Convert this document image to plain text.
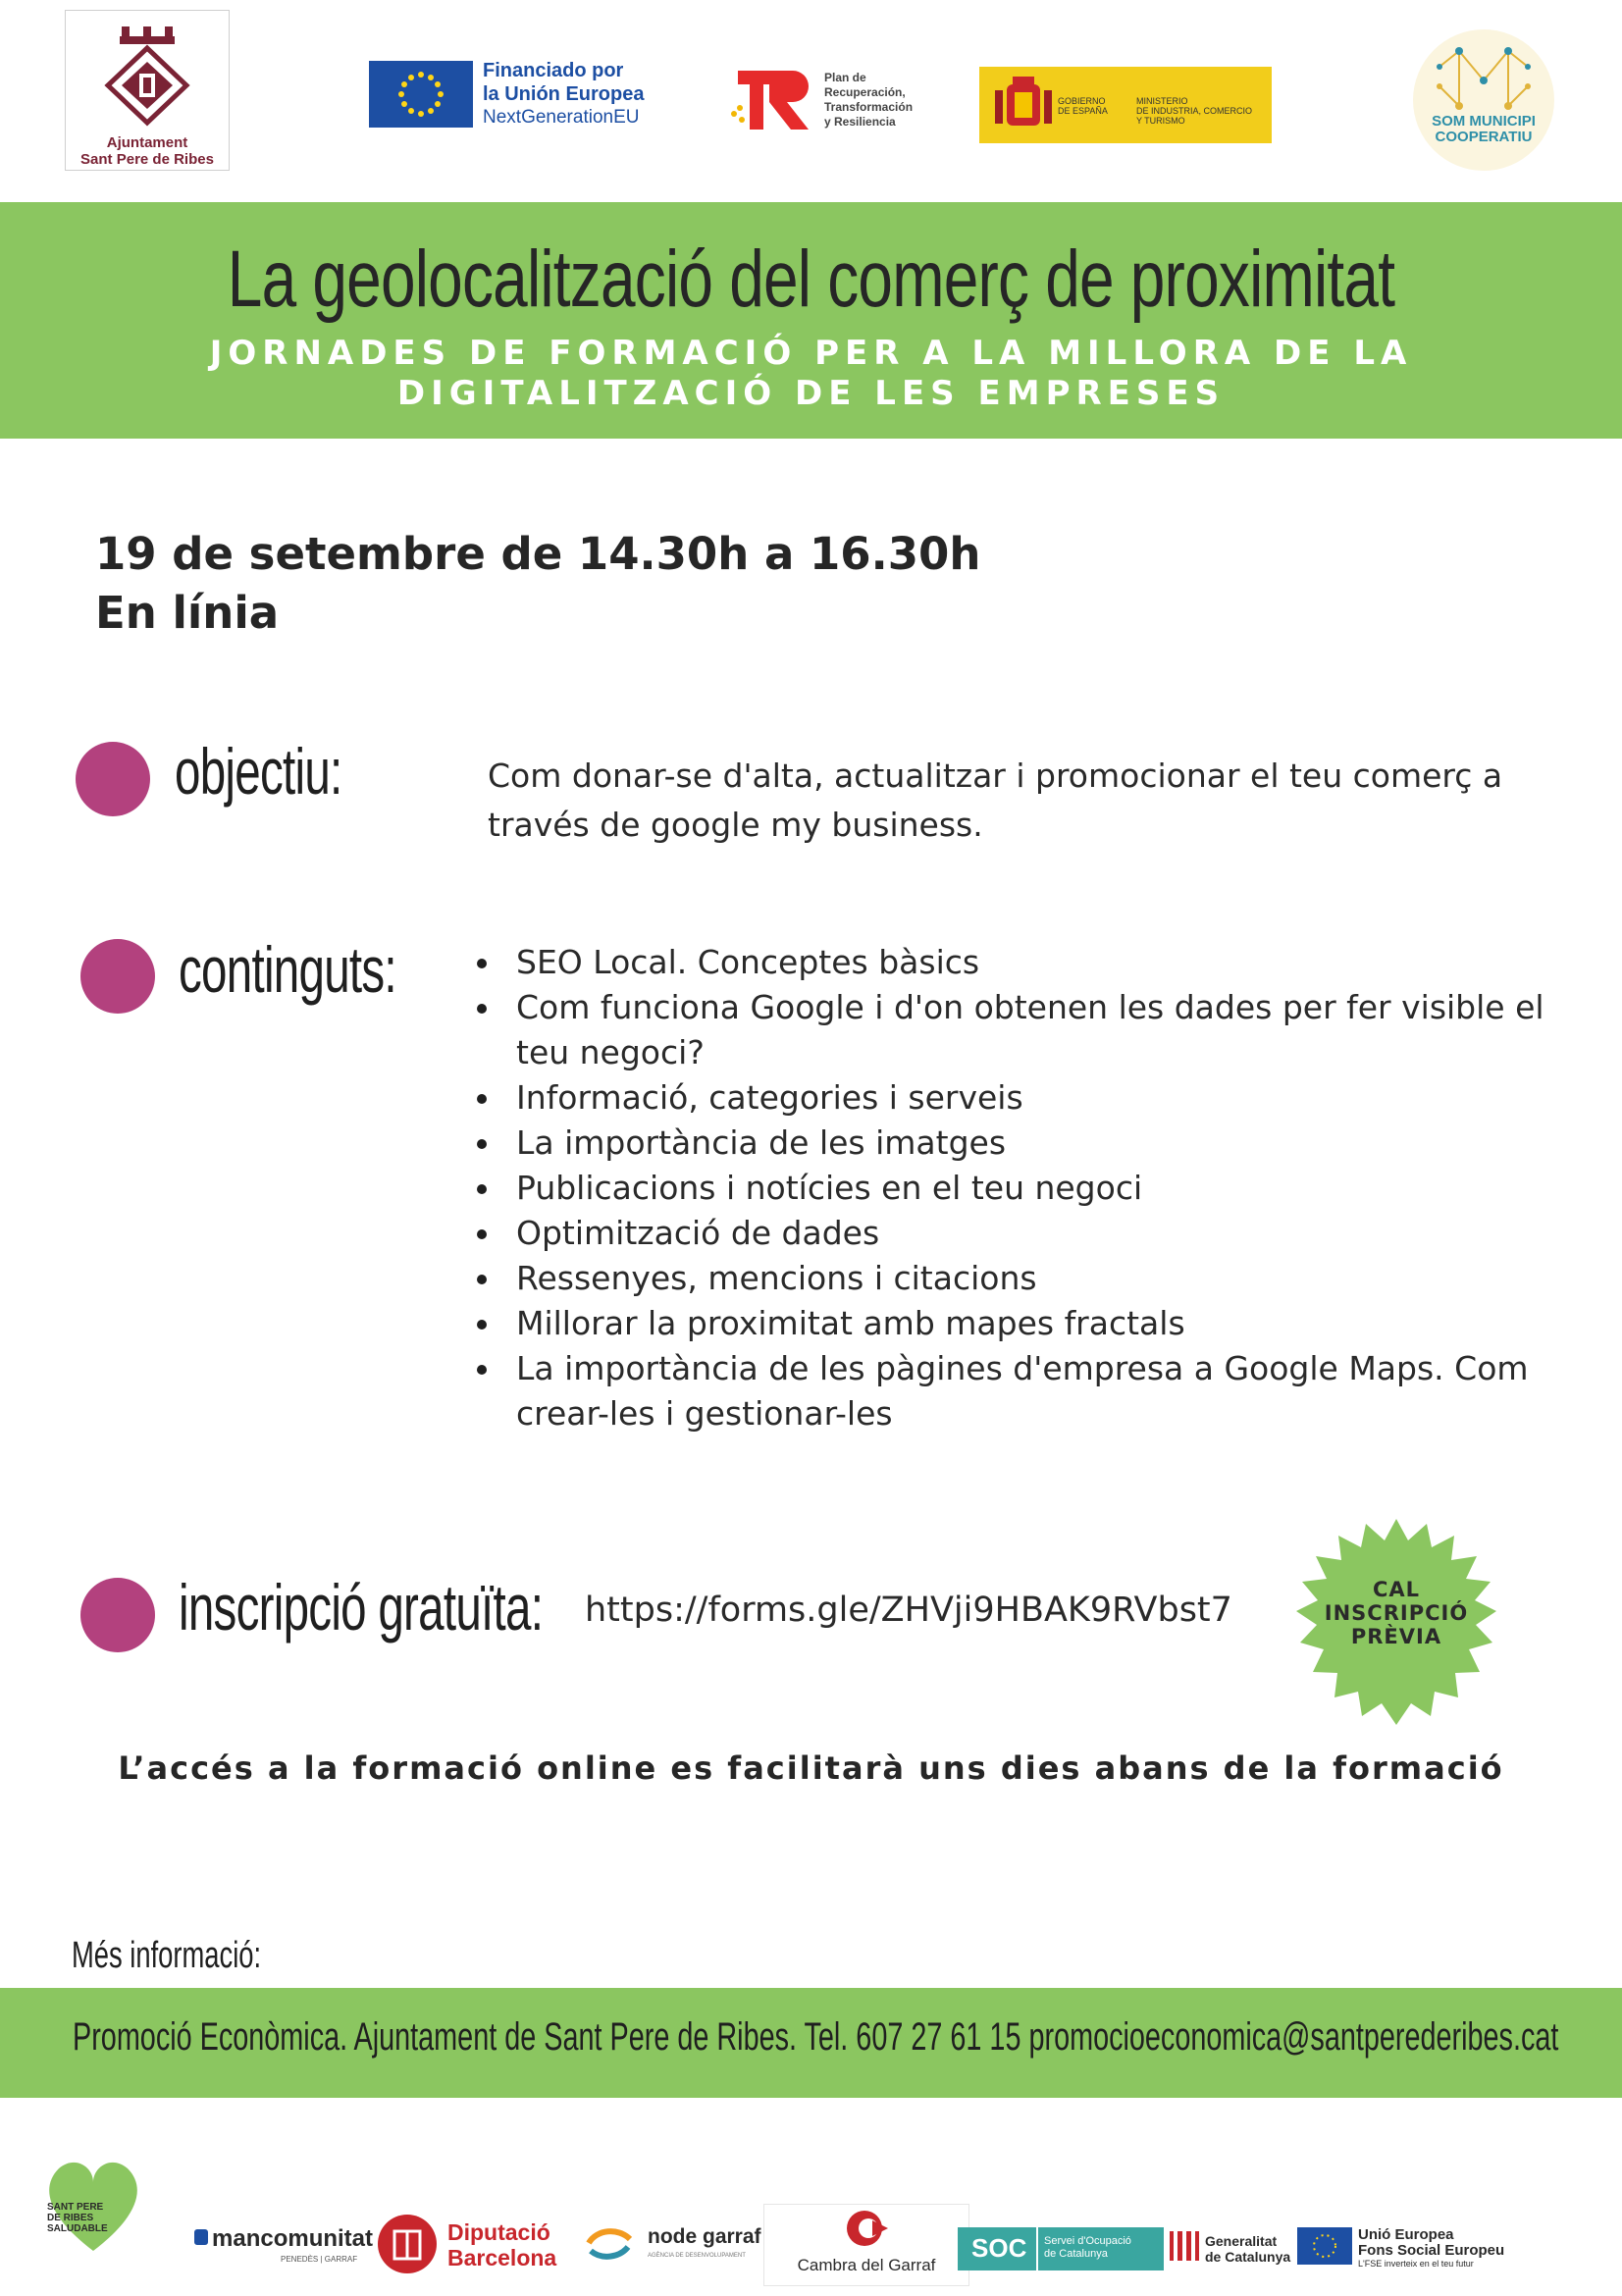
Ajuntament
Sant Pere de Ribes
Financiado por
la Unión Europea
NextGenerationEU
Plan de
Recuperación,
Transformación
y Resiliencia
GOBIERNO
DE ESPAÑA
MINISTERIO
DE INDUSTRIA, COMERCIO
Y TURISMO	SOM MUNICIPI
COOPERATIU
La geolocalització del comerç de proximitat
JORNADES DE FORMACIÓ PER A LA MILLORA DE LA
DIGITALITZACIÓ DE LES EMPRESES
19 de setembre de 14.30h a 16.30h
En línia
objectiu:	Com donar-se d'alta, actualitzar i promocionar el teu comerç a través de google my business.
continguts:	SEO Local. Conceptes bàsics
Com funciona Google i d'on obtenen les dades per fer visible el teu negoci?
Informació, categories i serveis
La importància de les imatges
Publicacions i notícies en el teu negoci
Optimització de dades
Ressenyes, mencions i citacions
Millorar la proximitat amb mapes fractals
La importància de les pàgines d'empresa a Google Maps. Com crear-les i gestionar-les
inscripció gratuïta: https://forms.gle/ZHVji9HBAK9RVbst7
CAL
INSCRIPCIÓ
PRÈVIA
L’accés a la formació online es facilitarà uns dies abans de la formació
Més informació:
Promoció Econòmica. Ajuntament de Sant Pere de Ribes. Tel. 607 27 61 15 promocioeconomica@santperederibes.cat
SANT PERE
DE RIBES
SALUDABLE	mancomunitat
PENEDÈS | GARRAF
Diputació
Barcelona
node garraf
AGÈNCIA DE DESENVOLUPAMENT	Cambra del Garraf
SOC Servei d'Ocupació
de Catalunya
Generalitat
de Catalunya
Unió Europea
Fons Social Europeu
L'FSE inverteix en el teu futur
